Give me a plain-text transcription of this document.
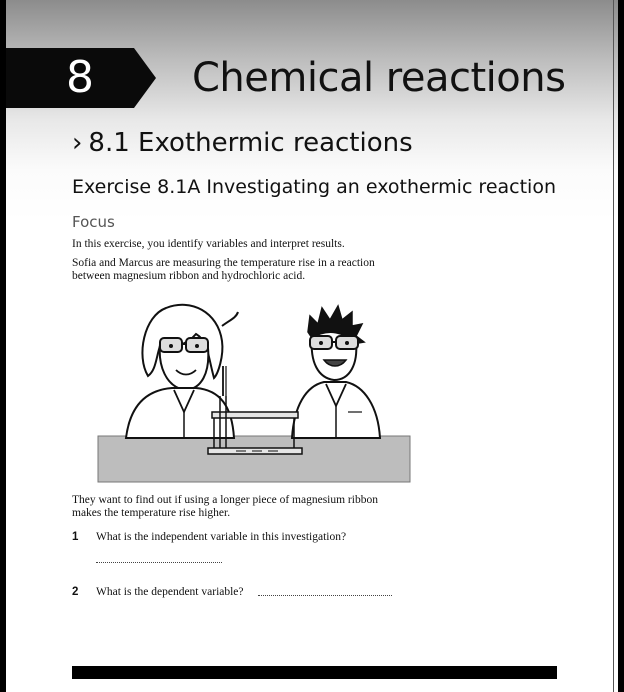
8 Chemical reactions
› 8.1 Exothermic reactions
Exercise 8.1A Investigating an exothermic reaction
Focus
In this exercise, you identify variables and interpret results.
Sofia and Marcus are measuring the temperature rise in a reaction
between magnesium ribbon and hydrochloric acid.
They want to find out if using a longer piece of magnesium ribbon
makes the temperature rise higher.
1 What is the independent variable in this investigation?
2 What is the dependent variable?
